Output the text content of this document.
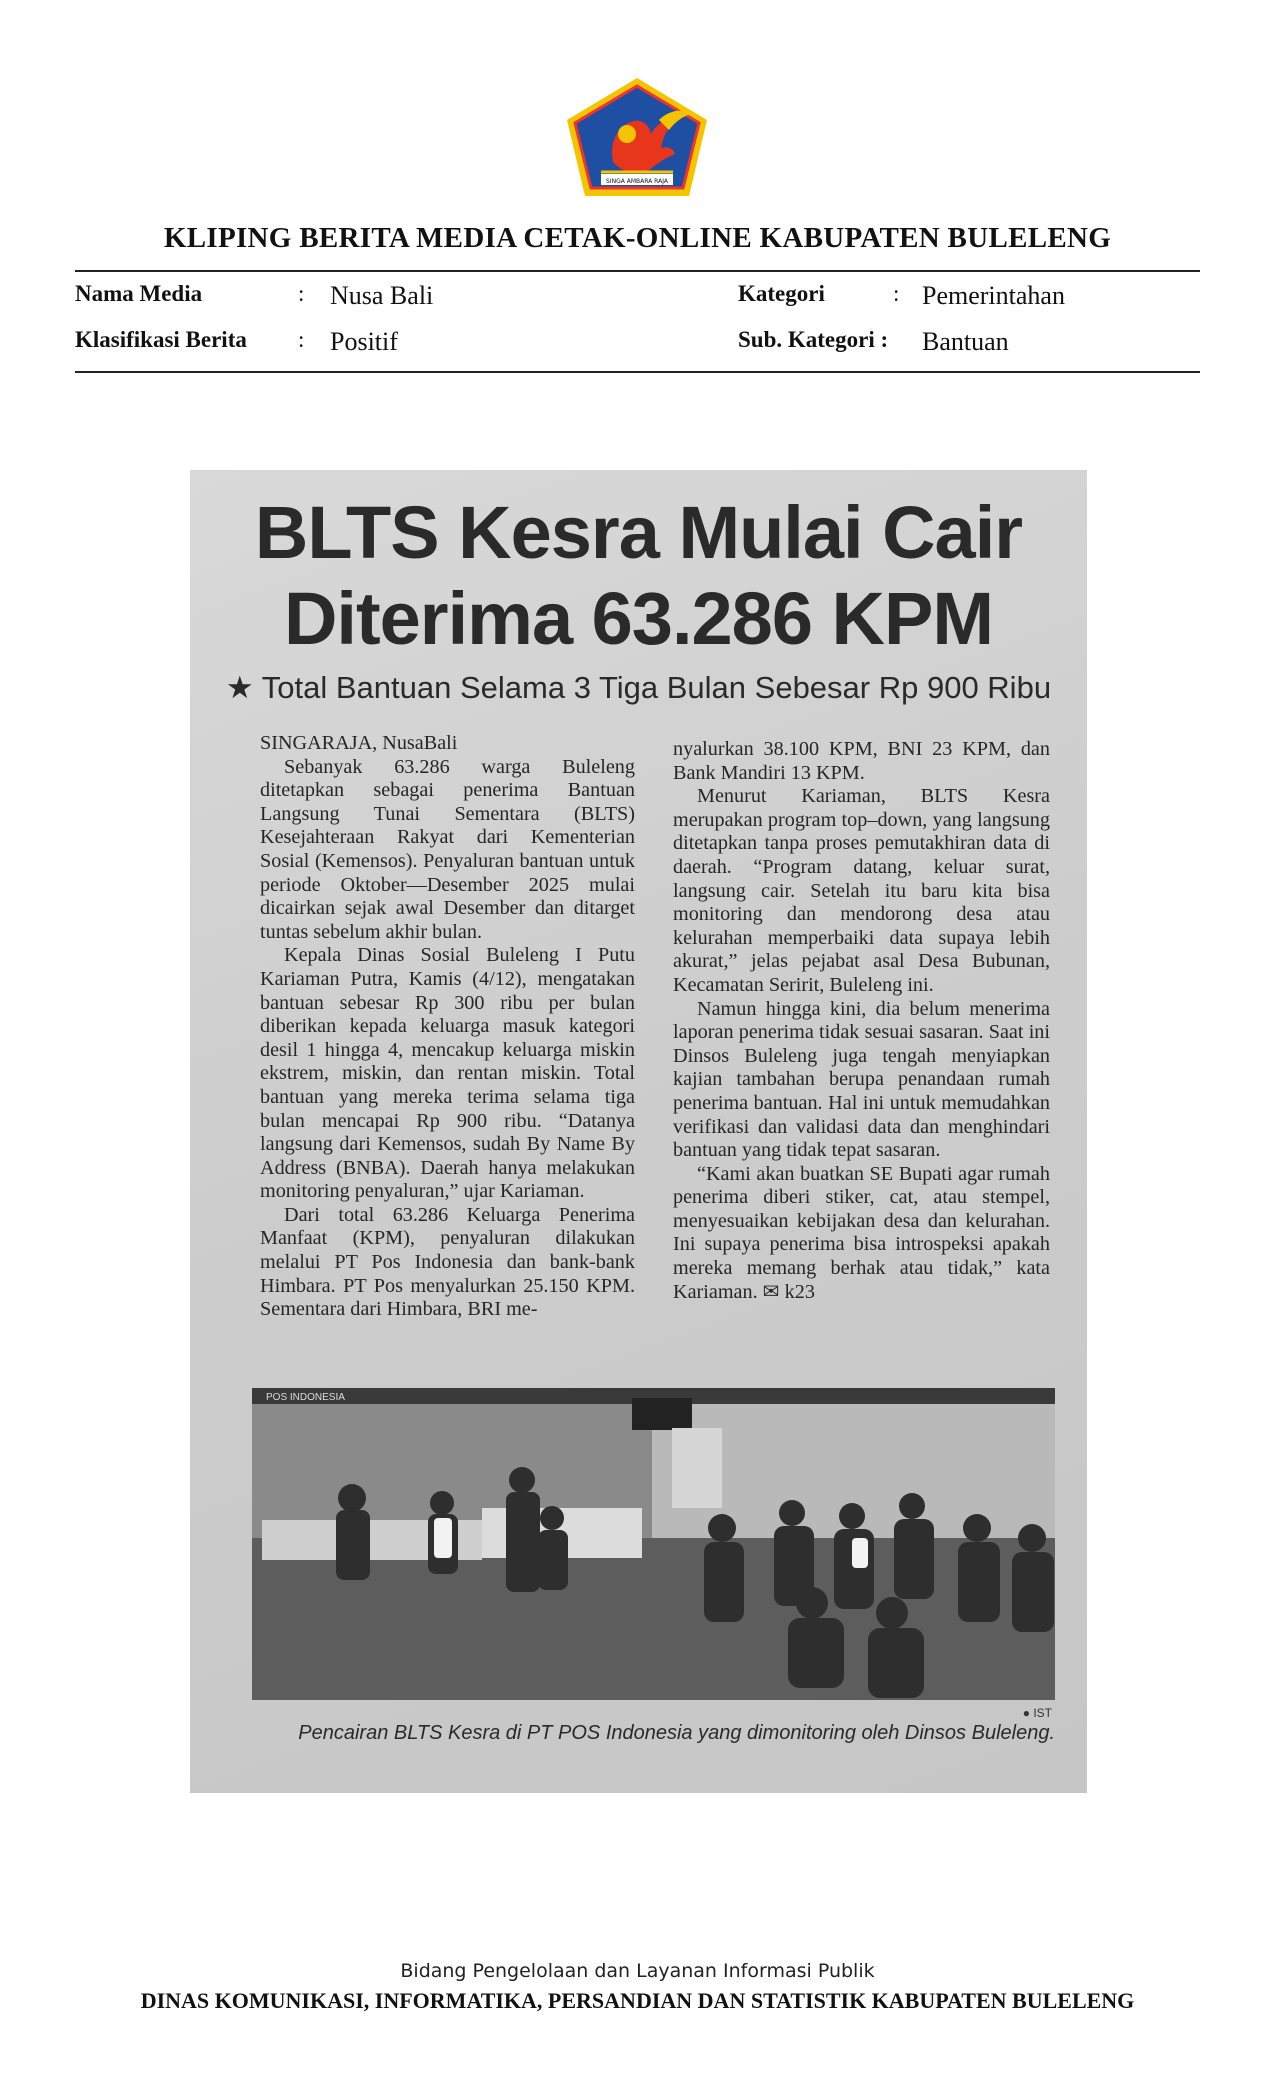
SINGA AMBARA RAJA
KLIPING BERITA MEDIA CETAK-ONLINE KABUPATEN BULELENG
Nama Media	: Nusa Bali	Kategori	: Pemerintahan
Klasifikasi Berita : Positif	Sub. Kategori : Bantuan
BLTS Kesra Mulai Cair
Diterima 63.286 KPM
★ Total Bantuan Selama 3 Tiga Bulan Sebesar Rp 900 Ribu

SINGARAJA, NusaBali

Sebanyak 63.286 warga Buleleng ditetapkan sebagai penerima Bantuan Langsung Tunai Sementara (BLTS) Kesejahteraan Rakyat dari Kementerian Sosial (Kemensos). Penyaluran bantuan untuk periode Oktober—Desember 2025 mulai dicairkan sejak awal Desember dan ditarget tuntas sebelum akhir bulan.

Kepala Dinas Sosial Buleleng I Putu Kariaman Putra, Kamis (4/12), mengatakan bantuan sebesar Rp 300 ribu per bulan diberikan kepada keluarga masuk kategori desil 1 hingga 4, mencakup keluarga miskin ekstrem, miskin, dan rentan miskin. Total bantuan yang mereka terima selama tiga bulan mencapai Rp 900 ribu. “Datanya langsung dari Kemensos, sudah By Name By Address (BNBA). Daerah hanya melakukan monitoring penyaluran,” ujar Kariaman.

Dari total 63.286 Keluarga Penerima Manfaat (KPM), penyaluran dilakukan melalui PT Pos Indonesia dan bank-bank Himbara. PT Pos menyalurkan 25.150 KPM. Sementara dari Himbara, BRI me-

nyalurkan 38.100 KPM, BNI 23 KPM, dan Bank Mandiri 13 KPM.

Menurut Kariaman, BLTS Kesra merupakan program top–down, yang langsung ditetapkan tanpa proses pemutakhiran data di daerah. “Program datang, keluar surat, langsung cair. Setelah itu baru kita bisa monitoring dan mendorong desa atau kelurahan memperbaiki data supaya lebih akurat,” jelas pejabat asal Desa Bubunan, Kecamatan Seririt, Buleleng ini.

Namun hingga kini, dia belum menerima laporan penerima tidak sesuai sasaran. Saat ini Dinsos Buleleng juga tengah menyiapkan kajian tambahan berupa penandaan rumah penerima bantuan. Hal ini untuk memudahkan verifikasi dan validasi data dan menghindari bantuan yang tidak tepat sasaran.

“Kami akan buatkan SE Bupati agar rumah penerima diberi stiker, cat, atau stempel, menyesuaikan kebijakan desa dan kelurahan. Ini supaya penerima bisa introspeksi apakah mereka memang berhak atau tidak,” kata Kariaman. ✉ k23

POS INDONESIA
● IST
Pencairan BLTS Kesra di PT POS Indonesia yang dimonitoring oleh Dinsos Buleleng.
Bidang Pengelolaan dan Layanan Informasi Publik
DINAS KOMUNIKASI, INFORMATIKA, PERSANDIAN DAN STATISTIK KABUPATEN BULELENG
